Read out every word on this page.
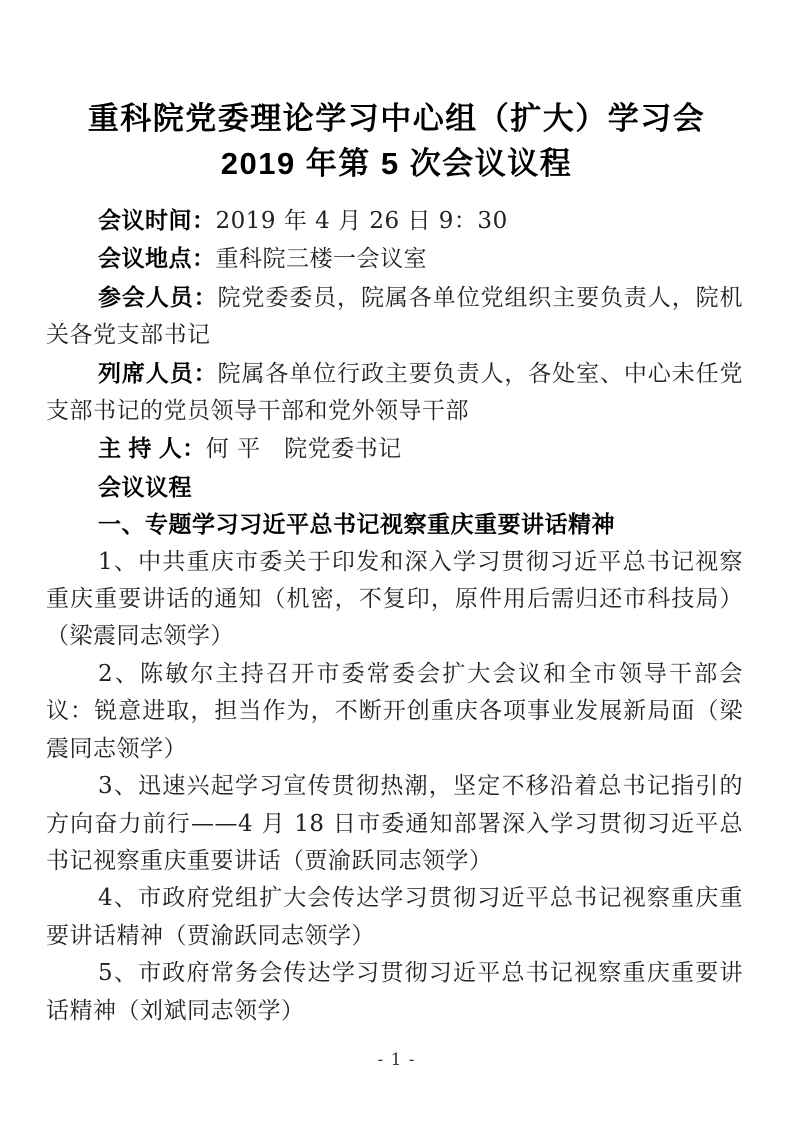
重科院党委理论学习中心组（扩大）学习会
2019 年第 5 次会议议程

会议时间：2019 年 4 月 26 日 9：30

会议地点：重科院三楼一会议室

参会人员：院党委委员，院属各单位党组织主要负责人，院机关各党支部书记

列席人员：院属各单位行政主要负责人，各处室、中心未任党支部书记的党员领导干部和党外领导干部

主 持 人：何 平　院党委书记

会议议程

一、专题学习习近平总书记视察重庆重要讲话精神

1、中共重庆市委关于印发和深入学习贯彻习近平总书记视察重庆重要讲话的通知（机密，不复印，原件用后需归还市科技局）（梁震同志领学）

2、陈敏尔主持召开市委常委会扩大会议和全市领导干部会议：锐意进取，担当作为，不断开创重庆各项事业发展新局面（梁震同志领学）

3、迅速兴起学习宣传贯彻热潮，坚定不移沿着总书记指引的方向奋力前行——4 月 18 日市委通知部署深入学习贯彻习近平总书记视察重庆重要讲话（贾渝跃同志领学）

4、市政府党组扩大会传达学习贯彻习近平总书记视察重庆重要讲话精神（贾渝跃同志领学）

5、市政府常务会传达学习贯彻习近平总书记视察重庆重要讲话精神（刘斌同志领学）

- 1 -
